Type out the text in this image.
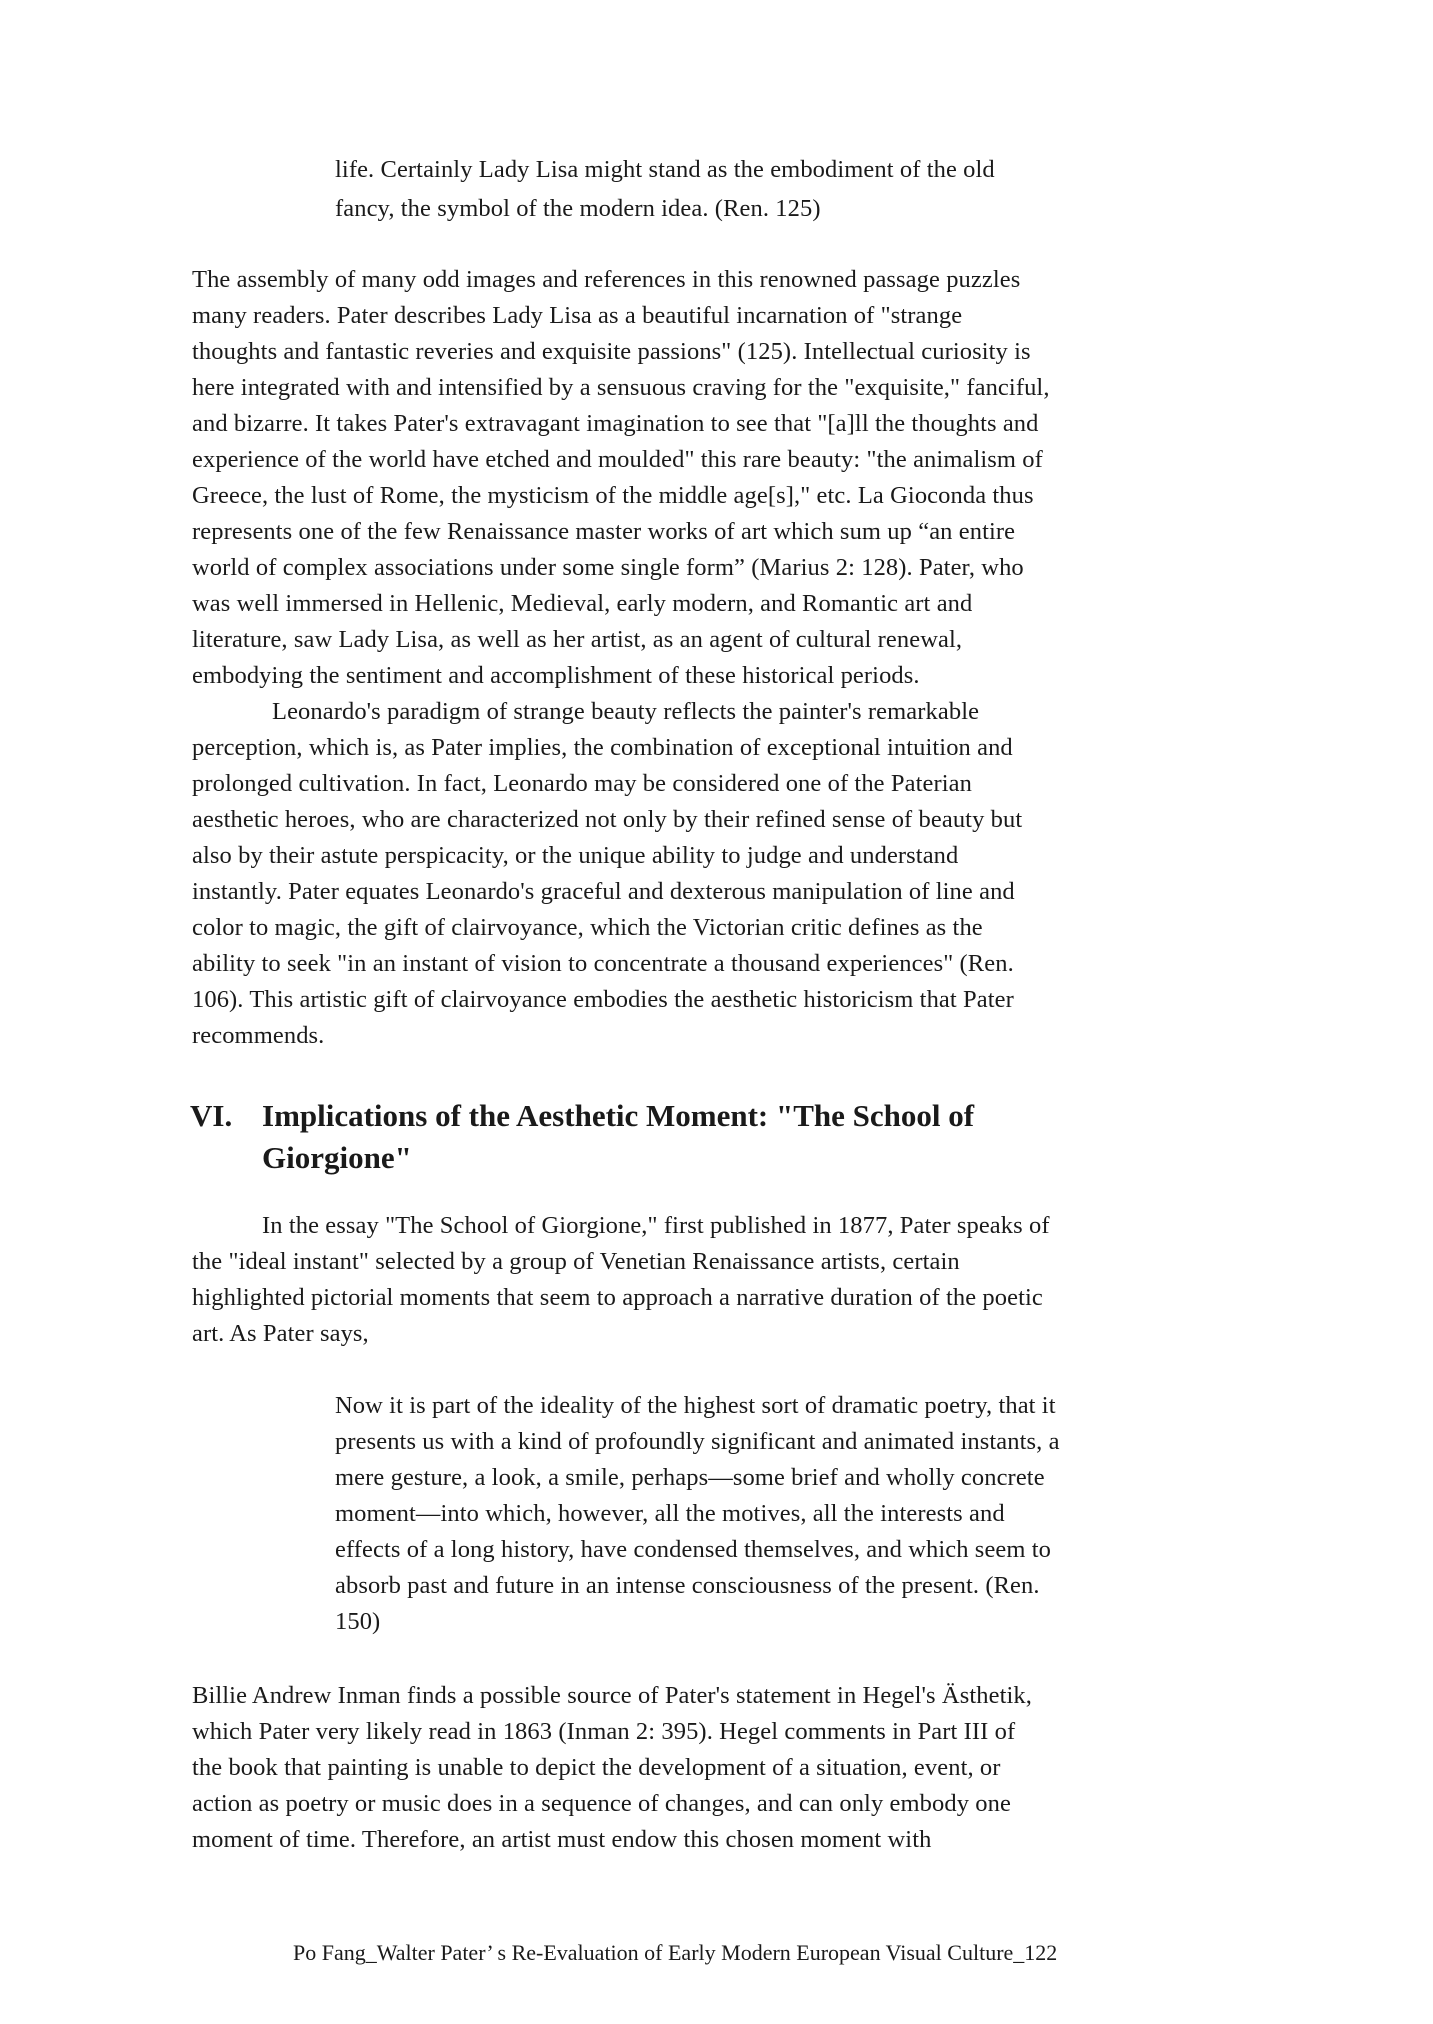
life. Certainly Lady Lisa might stand as the embodiment of the old
fancy, the symbol of the modern idea. (Ren. 125)
The assembly of many odd images and references in this renowned passage puzzles
many readers. Pater describes Lady Lisa as a beautiful incarnation of "strange
thoughts and fantastic reveries and exquisite passions" (125). Intellectual curiosity is
here integrated with and intensified by a sensuous craving for the "exquisite," fanciful,
and bizarre. It takes Pater's extravagant imagination to see that "[a]ll the thoughts and
experience of the world have etched and moulded" this rare beauty: "the animalism of
Greece, the lust of Rome, the mysticism of the middle age[s]," etc. La Gioconda thus
represents one of the few Renaissance master works of art which sum up “an entire
world of complex associations under some single form” (Marius 2: 128). Pater, who
was well immersed in Hellenic, Medieval, early modern, and Romantic art and
literature, saw Lady Lisa, as well as her artist, as an agent of cultural renewal,
embodying the sentiment and accomplishment of these historical periods.
Leonardo's paradigm of strange beauty reflects the painter's remarkable
perception, which is, as Pater implies, the combination of exceptional intuition and
prolonged cultivation. In fact, Leonardo may be considered one of the Paterian
aesthetic heroes, who are characterized not only by their refined sense of beauty but
also by their astute perspicacity, or the unique ability to judge and understand
instantly. Pater equates Leonardo's graceful and dexterous manipulation of line and
color to magic, the gift of clairvoyance, which the Victorian critic defines as the
ability to seek "in an instant of vision to concentrate a thousand experiences" (Ren.
106). This artistic gift of clairvoyance embodies the aesthetic historicism that Pater
recommends.
VI. Implications of the Aesthetic Moment: "The School of
Giorgione"
In the essay "The School of Giorgione," first published in 1877, Pater speaks of
the "ideal instant" selected by a group of Venetian Renaissance artists, certain
highlighted pictorial moments that seem to approach a narrative duration of the poetic
art. As Pater says,
Now it is part of the ideality of the highest sort of dramatic poetry, that it
presents us with a kind of profoundly significant and animated instants, a
mere gesture, a look, a smile, perhaps—some brief and wholly concrete
moment—into which, however, all the motives, all the interests and
effects of a long history, have condensed themselves, and which seem to
absorb past and future in an intense consciousness of the present. (Ren.
150)
Billie Andrew Inman finds a possible source of Pater's statement in Hegel's Ästhetik,
which Pater very likely read in 1863 (Inman 2: 395). Hegel comments in Part III of
the book that painting is unable to depict the development of a situation, event, or
action as poetry or music does in a sequence of changes, and can only embody one
moment of time. Therefore, an artist must endow this chosen moment with
Po Fang_Walter Pater’ s Re-Evaluation of Early Modern European Visual Culture_122
